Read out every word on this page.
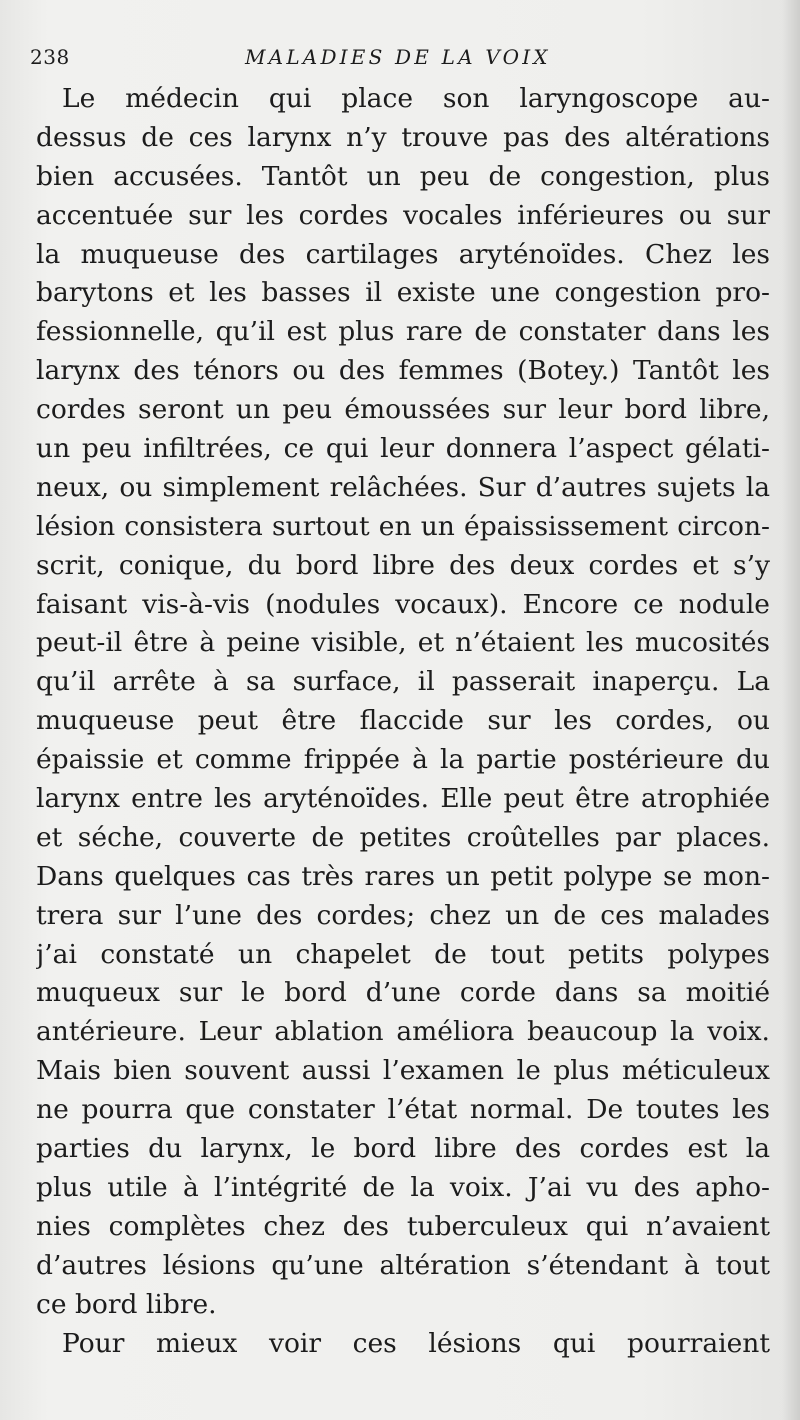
238	MALADIES DE LA VOIX
Le médecin qui place son laryngoscope au-
dessus de ces larynx n’y trouve pas des altérations
bien accusées. Tantôt un peu de congestion, plus
accentuée sur les cordes vocales inférieures ou sur
la muqueuse des cartilages aryténoïdes. Chez les
barytons et les basses il existe une congestion pro-
fessionnelle, qu’il est plus rare de constater dans les
larynx des ténors ou des femmes (Botey.) Tantôt les
cordes seront un peu émoussées sur leur bord libre,
un peu infiltrées, ce qui leur donnera l’aspect gélati-
neux, ou simplement relâchées. Sur d’autres sujets la
lésion consistera surtout en un épaississement circon-
scrit, conique, du bord libre des deux cordes et s’y
faisant vis-à-vis (nodules vocaux). Encore ce nodule
peut-il être à peine visible, et n’étaient les mucosités
qu’il arrête à sa surface, il passerait inaperçu. La
muqueuse peut être flaccide sur les cordes, ou
épaissie et comme frippée à la partie postérieure du
larynx entre les aryténoïdes. Elle peut être atrophiée
et séche, couverte de petites croûtelles par places.
Dans quelques cas très rares un petit polype se mon-
trera sur l’une des cordes; chez un de ces malades
j’ai constaté un chapelet de tout petits polypes
muqueux sur le bord d’une corde dans sa moitié
antérieure. Leur ablation améliora beaucoup la voix.
Mais bien souvent aussi l’examen le plus méticuleux
ne pourra que constater l’état normal. De toutes les
parties du larynx, le bord libre des cordes est la
plus utile à l’intégrité de la voix. J’ai vu des apho-
nies complètes chez des tuberculeux qui n’avaient
d’autres lésions qu’une altération s’étendant à tout
ce bord libre.
Pour mieux voir ces lésions qui pourraient
